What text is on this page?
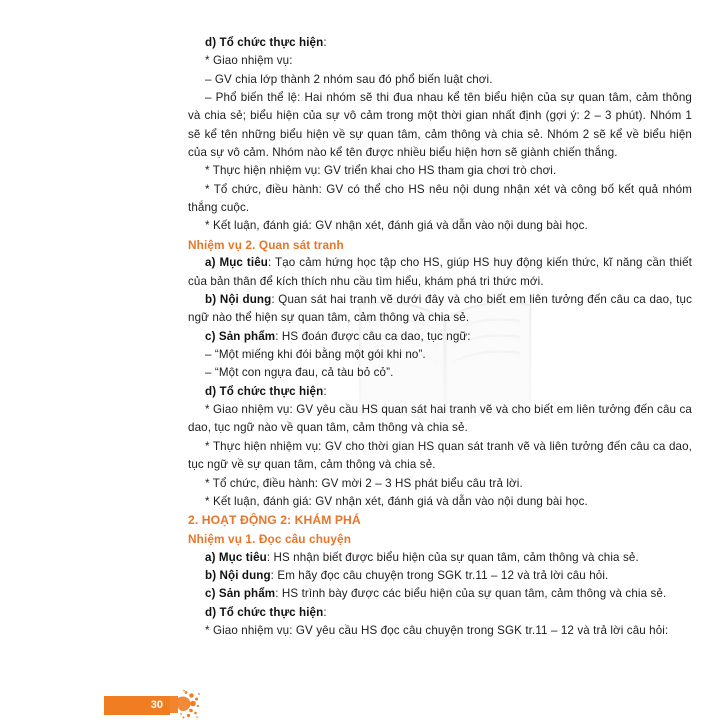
d) Tổ chức thực hiện:

* Giao nhiệm vụ:

– GV chia lớp thành 2 nhóm sau đó phổ biến luật chơi.

– Phổ biến thể lệ: Hai nhóm sẽ thi đua nhau kể tên biểu hiện của sự quan tâm, cảm thông và chia sẻ; biểu hiện của sự vô cảm trong một thời gian nhất định (gợi ý: 2 – 3 phút). Nhóm 1 sẽ kể tên những biểu hiện về sự quan tâm, cảm thông và chia sẻ. Nhóm 2 sẽ kể về biểu hiện của sự vô cảm. Nhóm nào kể tên được nhiều biểu hiện hơn sẽ giành chiến thắng.

* Thực hiện nhiệm vụ: GV triển khai cho HS tham gia chơi trò chơi.

* Tổ chức, điều hành: GV có thể cho HS nêu nội dung nhận xét và công bố kết quả nhóm thắng cuộc.

* Kết luận, đánh giá: GV nhận xét, đánh giá và dẫn vào nội dung bài học.

Nhiệm vụ 2. Quan sát tranh

a) Mục tiêu: Tạo cảm hứng học tập cho HS, giúp HS huy động kiến thức, kĩ năng cần thiết của bản thân để kích thích nhu cầu tìm hiểu, khám phá tri thức mới.

b) Nội dung: Quan sát hai tranh vẽ dưới đây và cho biết em liên tưởng đến câu ca dao, tục ngữ nào thể hiện sự quan tâm, cảm thông và chia sẻ.

c) Sản phẩm: HS đoán được câu ca dao, tục ngữ:

– “Một miếng khi đói bằng một gói khi no”.

– “Một con ngựa đau, cả tàu bỏ cỏ”.

d) Tổ chức thực hiện:

* Giao nhiệm vụ: GV yêu cầu HS quan sát hai tranh vẽ và cho biết em liên tưởng đến câu ca dao, tục ngữ nào về quan tâm, cảm thông và chia sẻ.

* Thực hiện nhiệm vụ: GV cho thời gian HS quan sát tranh vẽ và liên tưởng đến câu ca dao, tục ngữ về sự quan tâm, cảm thông và chia sẻ.

* Tổ chức, điều hành: GV mời 2 – 3 HS phát biểu câu trả lời.

* Kết luận, đánh giá: GV nhận xét, đánh giá và dẫn vào nội dung bài học.

2. HOẠT ĐỘNG 2: KHÁM PHÁ

Nhiệm vụ 1. Đọc câu chuyện

a) Mục tiêu: HS nhận biết được biểu hiện của sự quan tâm, cảm thông và chia sẻ.

b) Nội dung: Em hãy đọc câu chuyện trong SGK tr.11 – 12 và trả lời câu hỏi.

c) Sản phẩm: HS trình bày được các biểu hiện của sự quan tâm, cảm thông và chia sẻ.

d) Tổ chức thực hiện:

* Giao nhiệm vụ: GV yêu cầu HS đọc câu chuyện trong SGK tr.11 – 12 và trả lời câu hỏi:

30
